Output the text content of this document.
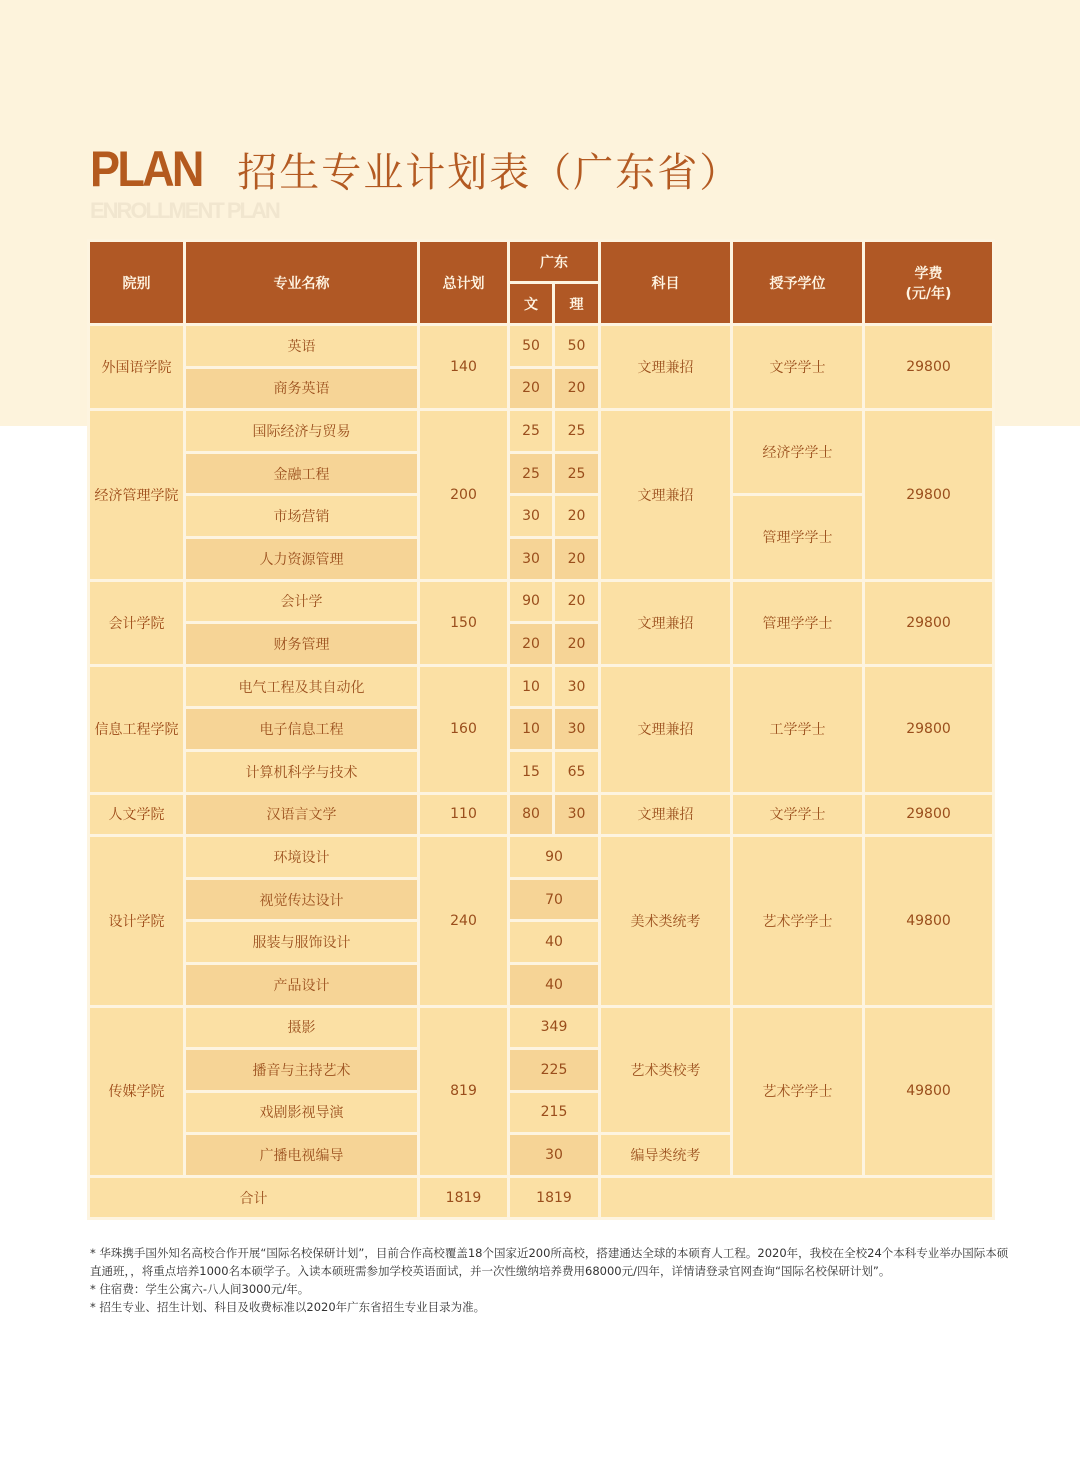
PLAN 招生专业计划表（广东省）
ENROLLMENT PLAN
院别	专业名称	总计划	广东		科目	授予学位	学费
(元/年)

			文	理			
外国语学院	英语	140	50	50	文理兼招	文学学士	29800
	商务英语		20	20			
经济管理学院	国际经济与贸易	200	25	25	文理兼招	经济学学士	29800
	金融工程		25	25			
	市场营销		30	20		管理学学士	
	人力资源管理		30	20			
会计学院	会计学	150	90	20	文理兼招	管理学学士	29800
	财务管理		20	20			
信息工程学院	电气工程及其自动化	160	10	30	文理兼招	工学学士	29800
	电子信息工程		10	30			
	计算机科学与技术		15	65			
人文学院	汉语言文学	110	80	30	文理兼招	文学学士	29800
设计学院	环境设计	240	90		美术类统考	艺术学学士	49800
	视觉传达设计		70				
	服装与服饰设计		40				
	产品设计		40				
传媒学院	摄影	819	349		艺术类校考	艺术学学士	49800
	播音与主持艺术		225				
	戏剧影视导演		215				
	广播电视编导		30		编导类统考		
合计		1819	1819				

* 华珠携手国外知名高校合作开展“国际名校保研计划”，目前合作高校覆盖18个国家近200所高校，搭建通达全球的本硕育人工程。2020年，我校在全校24个本科专业举办国际本硕直通班，，将重点培养1000名本硕学子。入读本硕班需参加学校英语面试，并一次性缴纳培养费用68000元/四年，详情请登录官网查询“国际名校保研计划”。

* 住宿费：学生公寓六-八人间3000元/年。

* 招生专业、招生计划、科目及收费标准以2020年广东省招生专业目录为准。
